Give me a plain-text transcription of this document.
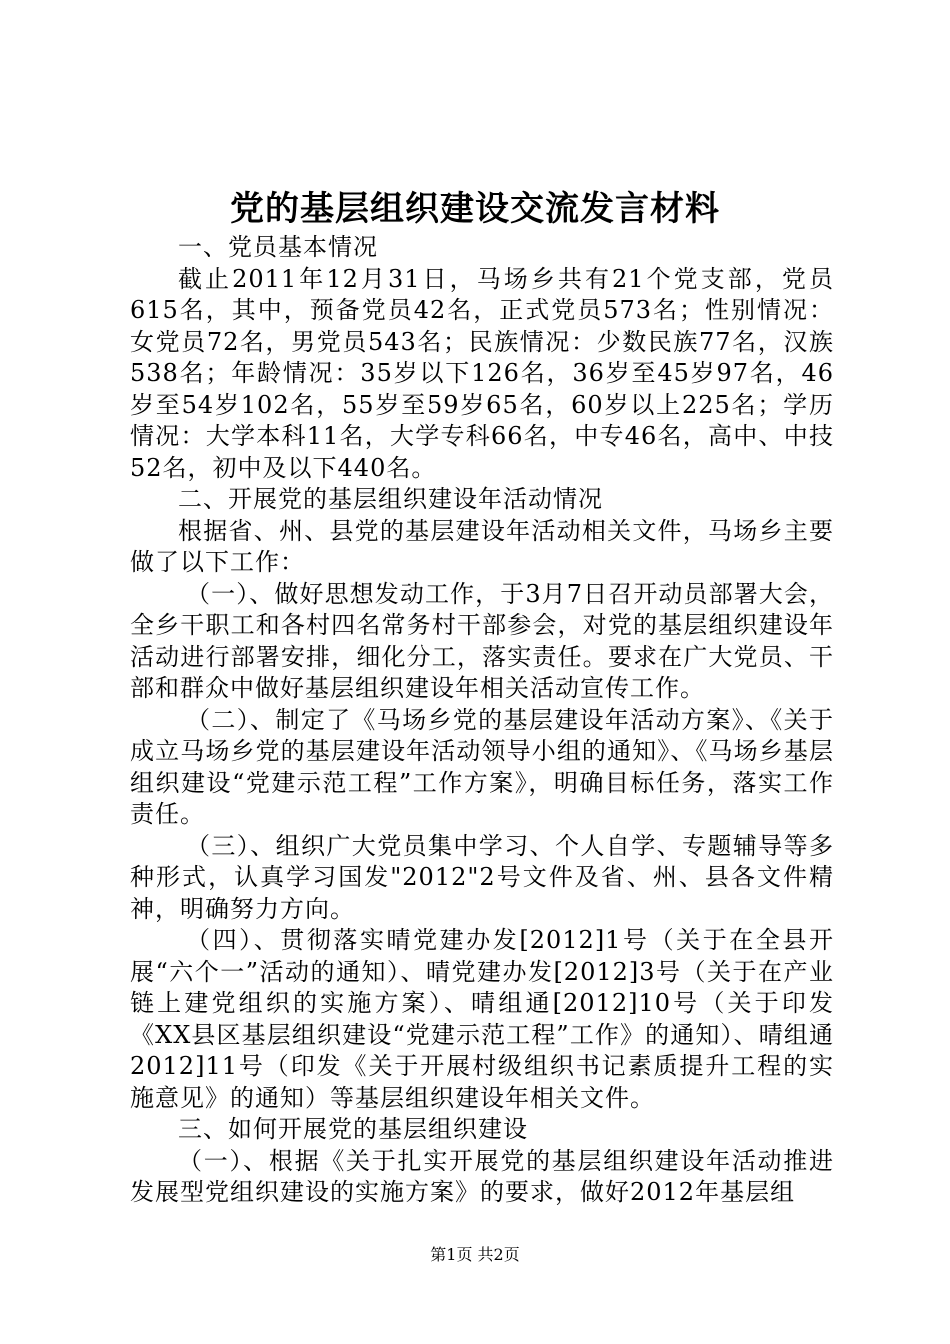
党的基层组织建设交流发言材料

一、党员基本情况

截止2011年12月31日，马场乡共有21个党支部，党员615名，其中，预备党员42名，正式党员573名；性别情况：女党员72名，男党员543名；民族情况：少数民族77名，汉族538名；年龄情况：35岁以下126名，36岁至45岁97名，46岁至54岁102名，55岁至59岁65名，60岁以上225名；学历情况：大学本科11名，大学专科66名，中专46名，高中、中技52名，初中及以下440名。

二、开展党的基层组织建设年活动情况

根据省、州、县党的基层建设年活动相关文件，马场乡主要做了以下工作：

（一）、做好思想发动工作，于3月7日召开动员部署大会，全乡干职工和各村四名常务村干部参会，对党的基层组织建设年活动进行部署安排，细化分工，落实责任。要求在广大党员、干部和群众中做好基层组织建设年相关活动宣传工作。

（二）、制定了《马场乡党的基层建设年活动方案》、《关于成立马场乡党的基层建设年活动领导小组的通知》、《马场乡基层组织建设“党建示范工程”工作方案》，明确目标任务，落实工作责任。

（三）、组织广大党员集中学习、个人自学、专题辅导等多种形式，认真学习国发"2012"2号文件及省、州、县各文件精神，明确努力方向。

（四）、贯彻落实晴党建办发[2012]1号（关于在全县开展“六个一”活动的通知）、晴党建办发[2012]3号（关于在产业链上建党组织的实施方案）、晴组通[2012]10号（关于印发《XX县区基层组织建设“党建示范工程”工作》的通知）、晴组通2012]11号（印发《关于开展村级组织书记素质提升工程的实施意见》的通知）等基层组织建设年相关文件。

三、如何开展党的基层组织建设

（一）、根据《关于扎实开展党的基层组织建设年活动推进发展型党组织建设的实施方案》的要求，做好2012年基层组

第1页 共2页
